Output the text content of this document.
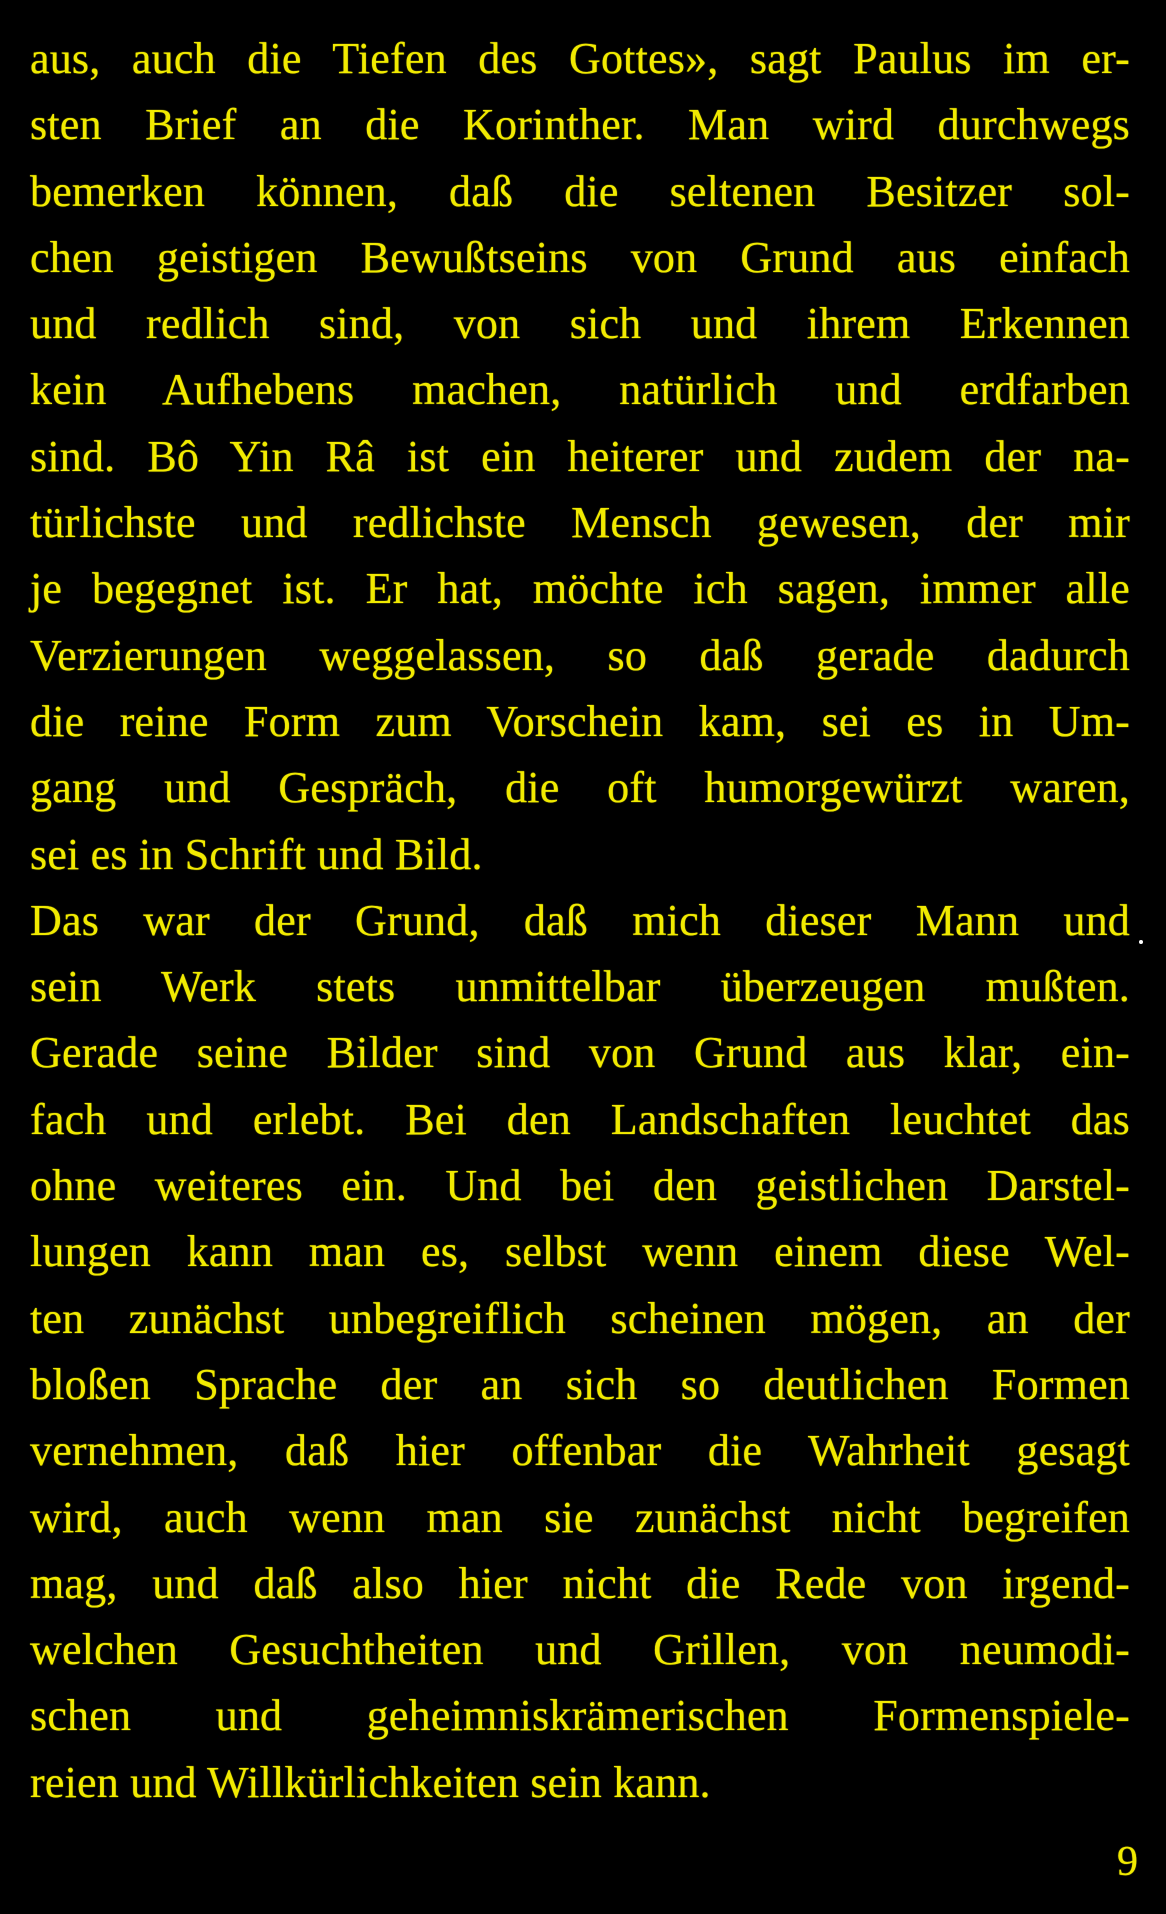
aus, auch die Tiefen des Gottes», sagt Paulus im er-
sten Brief an die Korinther. Man wird durchwegs
bemerken können, daß die seltenen Besitzer sol-
chen geistigen Bewußtseins von Grund aus einfach
und redlich sind, von sich und ihrem Erkennen
kein Aufhebens machen, natürlich und erdfarben
sind. Bô Yin Râ ist ein heiterer und zudem der na-
türlichste und redlichste Mensch gewesen, der mir
je begegnet ist. Er hat, möchte ich sagen, immer alle
Verzierungen weggelassen, so daß gerade dadurch
die reine Form zum Vorschein kam, sei es in Um-
gang und Gespräch, die oft humorgewürzt waren,
sei es in Schrift und Bild.
Das war der Grund, daß mich dieser Mann und
sein Werk stets unmittelbar überzeugen mußten.
Gerade seine Bilder sind von Grund aus klar, ein-
fach und erlebt. Bei den Landschaften leuchtet das
ohne weiteres ein. Und bei den geistlichen Darstel-
lungen kann man es, selbst wenn einem diese Wel-
ten zunächst unbegreiflich scheinen mögen, an der
bloßen Sprache der an sich so deutlichen Formen
vernehmen, daß hier offenbar die Wahrheit gesagt
wird, auch wenn man sie zunächst nicht begreifen
mag, und daß also hier nicht die Rede von irgend-
welchen Gesuchtheiten und Grillen, von neumodi-
schen und geheimniskrämerischen Formenspiele-
reien und Willkürlichkeiten sein kann.
9
